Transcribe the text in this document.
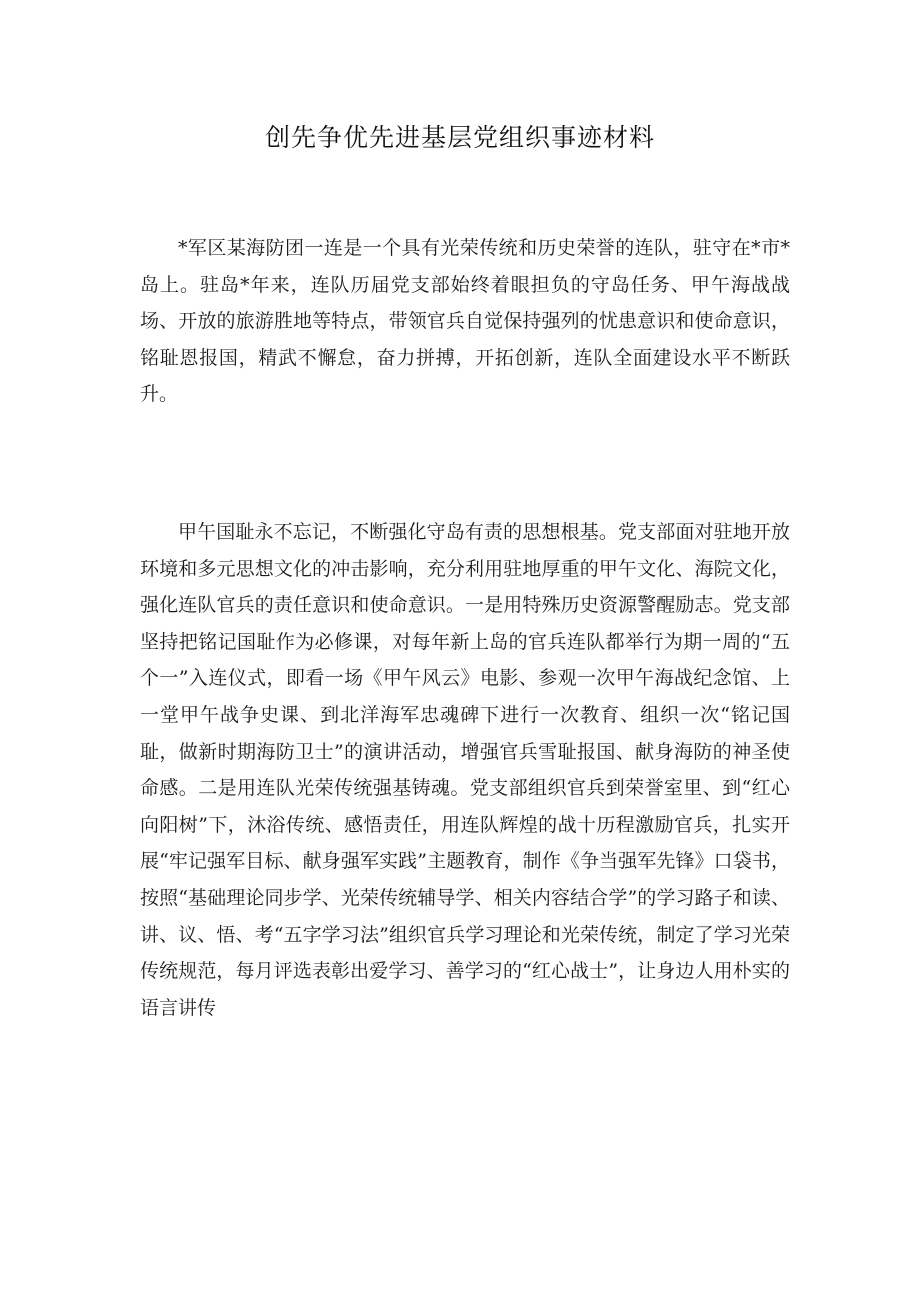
创先争优先进基层党组织事迹材料

*军区某海防团一连是一个具有光荣传统和历史荣誉的连队，驻守在*市*岛上。驻岛*年来，连队历届党支部始终着眼担负的守岛任务、甲午海战战场、开放的旅游胜地等特点，带领官兵自觉保持强列的忧患意识和使命意识，铭耻恩报国，精武不懈怠，奋力拼搏，开拓创新，连队全面建设水平不断跃升。

甲午国耻永不忘记，不断强化守岛有责的思想根基。党支部面对驻地开放环境和多元思想文化的冲击影响，充分利用驻地厚重的甲午文化、海院文化，强化连队官兵的责任意识和使命意识。一是用特殊历史资源警醒励志。党支部坚持把铭记国耻作为必修课，对每年新上岛的官兵连队都举行为期一周的“五个一”入连仪式，即看一场《甲午风云》电影、参观一次甲午海战纪念馆、上一堂甲午战争史课、到北洋海军忠魂碑下进行一次教育、组织一次“铭记国耻，做新时期海防卫士”的演讲活动，增强官兵雪耻报国、献身海防的神圣使命感。二是用连队光荣传统强基铸魂。党支部组织官兵到荣誉室里、到“红心向阳树”下，沐浴传统、感悟责任，用连队辉煌的战十历程激励官兵，扎实开展“牢记强军目标、献身强军实践”主题教育，制作《争当强军先锋》口袋书，按照“基础理论同步学、光荣传统辅导学、相关内容结合学”的学习路子和读、讲、议、悟、考“五字学习法”组织官兵学习理论和光荣传统，制定了学习光荣传统规范，每月评选表彰出爱学习、善学习的“红心战士”，让身边人用朴实的语言讲传
